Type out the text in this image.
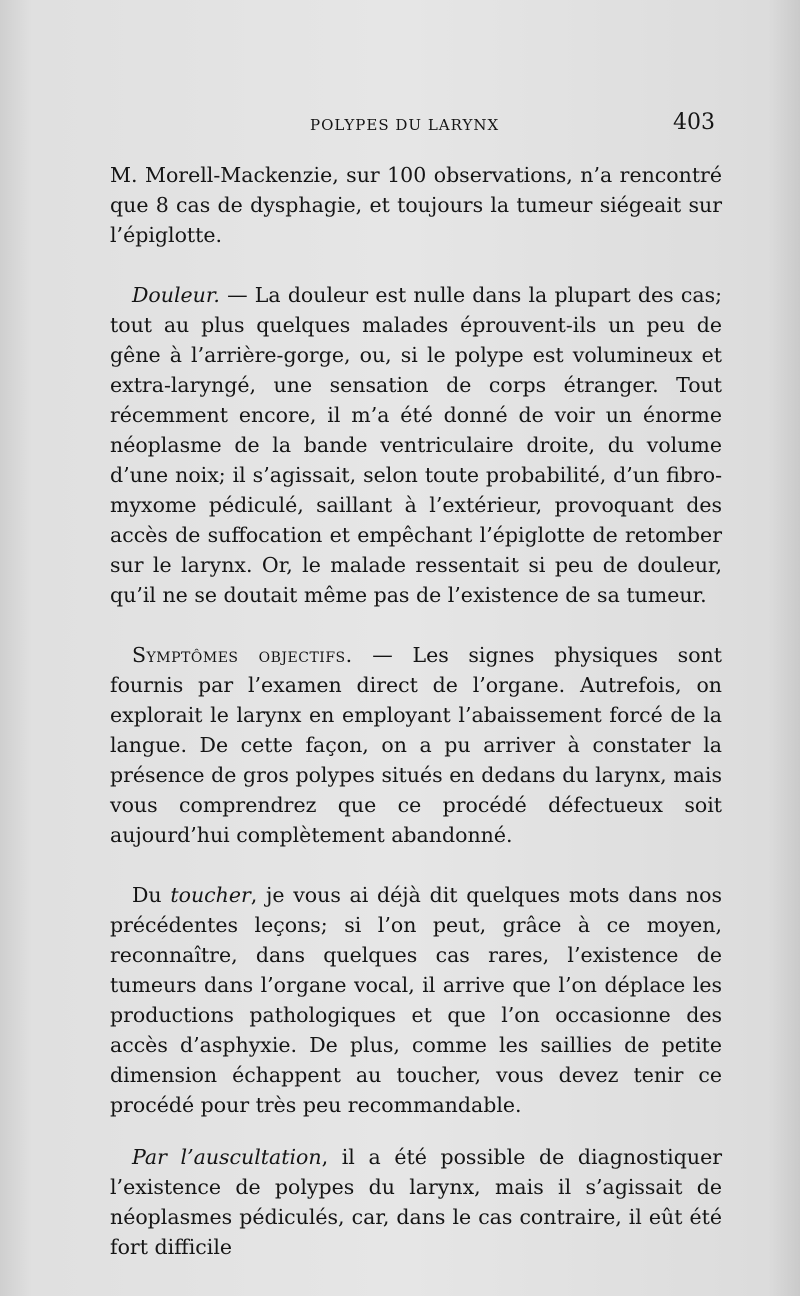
POLYPES DU LARYNX	403

M. Morell-Mackenzie, sur 100 observations, n’a rencontré que 8 cas de dysphagie, et toujours la tumeur siégeait sur l’épiglotte.

Douleur. — La douleur est nulle dans la plupart des cas; tout au plus quelques malades éprouvent-ils un peu de gêne à l’arrière-gorge, ou, si le polype est volumineux et extra-laryngé, une sensation de corps étranger. Tout récemment encore, il m’a été donné de voir un énorme néoplasme de la bande ventriculaire droite, du volume d’une noix; il s’agissait, selon toute probabilité, d’un fibro-myxome pédiculé, saillant à l’extérieur, provoquant des accès de suffocation et empêchant l’épiglotte de retomber sur le larynx. Or, le malade ressentait si peu de douleur, qu’il ne se doutait même pas de l’existence de sa tumeur.

Symptômes objectifs. — Les signes physiques sont fournis par l’examen direct de l’organe. Autrefois, on explorait le larynx en employant l’abaissement forcé de la langue. De cette façon, on a pu arriver à constater la présence de gros polypes situés en dedans du larynx, mais vous comprendrez que ce procédé défectueux soit aujourd’hui complètement abandonné.

Du toucher, je vous ai déjà dit quelques mots dans nos précédentes leçons; si l’on peut, grâce à ce moyen, reconnaître, dans quelques cas rares, l’existence de tumeurs dans l’organe vocal, il arrive que l’on déplace les productions pathologiques et que l’on occasionne des accès d’asphyxie. De plus, comme les saillies de petite dimension échappent au toucher, vous devez tenir ce procédé pour très peu recommandable.

Par l’auscultation, il a été possible de diagnostiquer l’existence de polypes du larynx, mais il s’agissait de néoplasmes pédiculés, car, dans le cas contraire, il eût été fort difficile
